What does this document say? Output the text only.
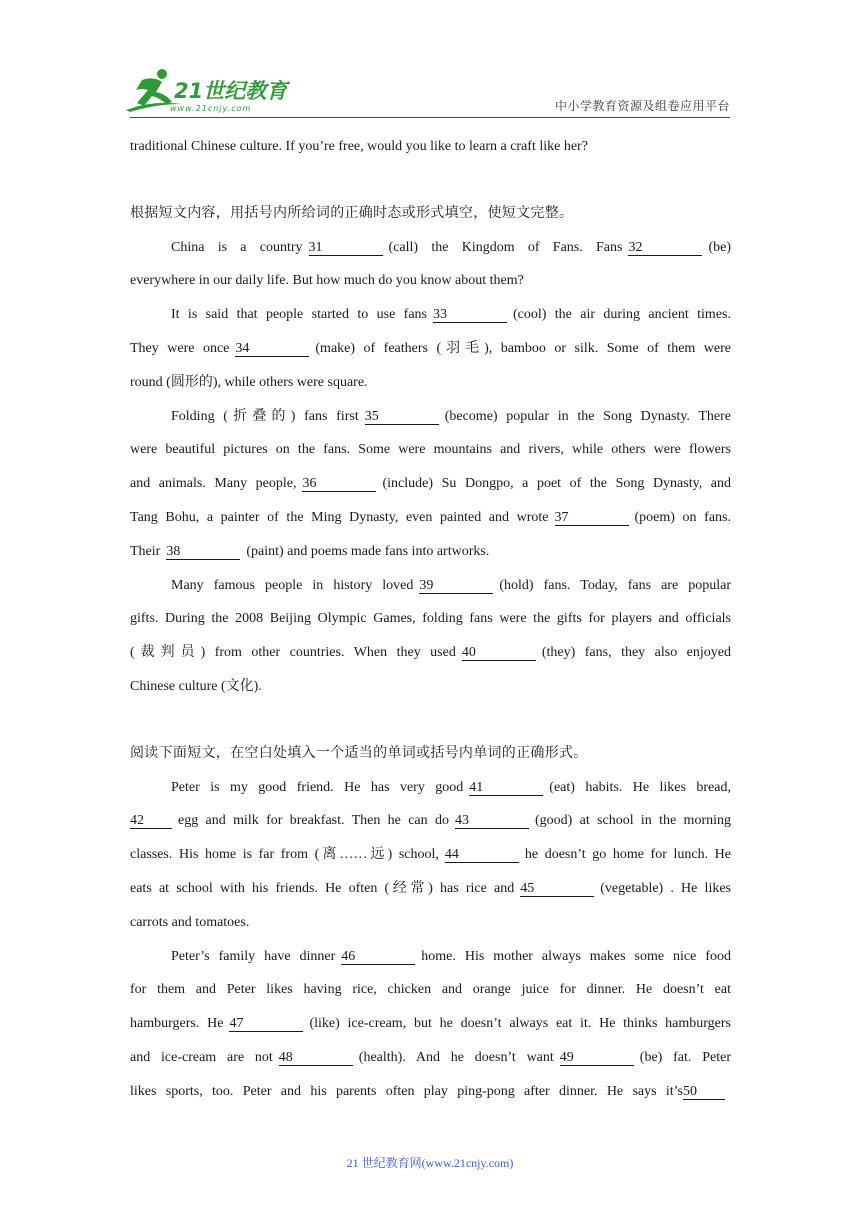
21世纪教育
www.21cnjy.com	中小学教育资源及组卷应用平台

traditional Chinese culture. If you’re free, would you like to learn a craft like her?

根据短文内容，用括号内所给词的正确时态或形式填空，使短文完整。

China is a country 31	(call) the Kingdom of Fans. Fans 32	(be)

everywhere in our daily life. But how much do you know about them?

It is said that people started to use fans 33	(cool) the air during ancient times.

They were once 34	(make) of feathers (羽毛), bamboo or silk. Some of them were

round (圆形的), while others were square.

Folding (折叠的) fans first 35	(become) popular in the Song Dynasty. There

were beautiful pictures on the fans. Some were mountains and rivers, while others were flowers

and animals. Many people, 36	(include) Su Dongpo, a poet of the Song Dynasty, and

Tang Bohu, a painter of the Ming Dynasty, even painted and wrote 37	(poem) on fans.

Their 38	(paint) and poems made fans into artworks.

Many famous people in history loved 39	(hold) fans. Today, fans are popular

gifts. During the 2008 Beijing Olympic Games, folding fans were the gifts for players and officials

(裁判员) from other countries. When they used 40	(they) fans, they also enjoyed

Chinese culture (文化).

阅读下面短文，在空白处填入一个适当的单词或括号内单词的正确形式。

Peter is my good friend. He has very good 41	(eat) habits. He likes bread,

42 egg and milk for breakfast. Then he can do 43	(good) at school in the morning

classes. His home is far from (离……远) school, 44	he doesn’t go home for lunch. He

eats at school with his friends. He often (经常) has rice and 45	(vegetable) . He likes

carrots and tomatoes.

Peter’s family have dinner 46	home. His mother always makes some nice food

for them and Peter likes having rice, chicken and orange juice for dinner. He doesn’t eat

hamburgers. He 47	(like) ice-cream, but he doesn’t always eat it. He thinks hamburgers

and ice-cream are not 48	(health). And he doesn’t want 49	(be) fat. Peter

likes sports, too. Peter and his parents often play ping-pong after dinner. He says it’s50

21 世纪教育网(www.21cnjy.com)
